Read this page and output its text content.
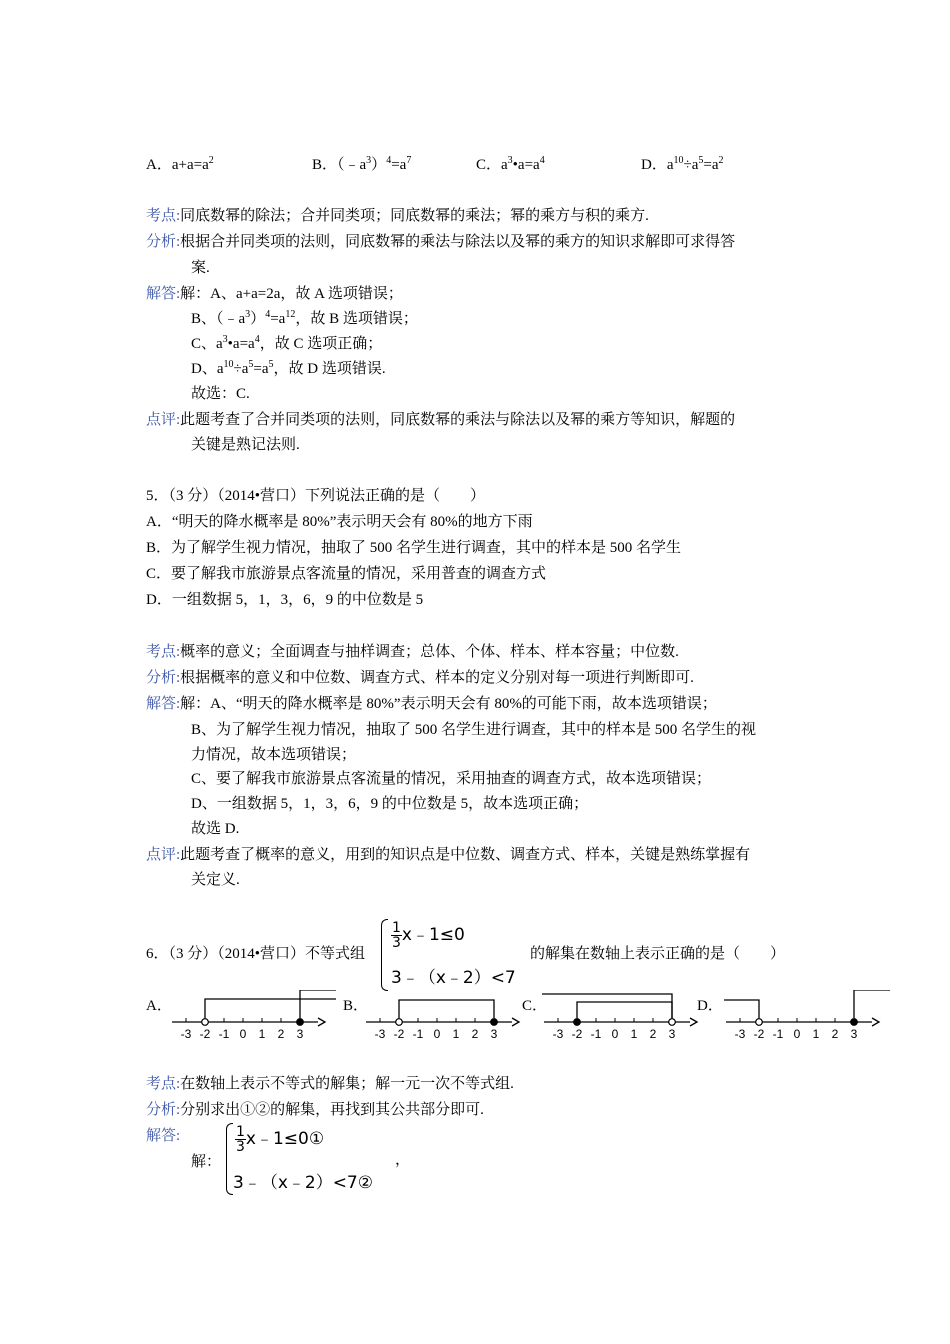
A．$a+a=a^2$	B．$(﹣a^3)^4=a^7$	C．$a^3•a=a^4$	D．$a^{10}\div a^5=a^2$
考点:同底数幂的除法；合并同类项；同底数幂的乘法；幂的乘方与积的乘方.
分析:根据合并同类项的法则，同底数幂的乘法与除法以及幂的乘方的知识求解即可求得答
案.
解答:解：A、a+a=2a，故 A 选项错误；
B、$(﹣a^3)^4=a^{12}$，故 B 选项错误；
C、$a^3•a=a^4$，故 C 选项正确；
D、$a^{10}\div a^5=a^5$，故 D 选项错误.
故选：C.
点评:此题考查了合并同类项的法则，同底数幂的乘法与除法以及幂的乘方等知识，解题的
关键是熟记法则.
5．（3 分）（2014•营口）下列说法正确的是（　　）
A．“明天的降水概率是 80%”表示明天会有 80%的地方下雨
B．为了解学生视力情况，抽取了 500 名学生进行调查，其中的样本是 500 名学生
C．要了解我市旅游景点客流量的情况，采用普查的调查方式
D．一组数据 5，1，3，6，9 的中位数是 5
考点:概率的意义；全面调查与抽样调查；总体、个体、样本、样本容量；中位数.
分析:根据概率的意义和中位数、调查方式、样本的定义分别对每一项进行判断即可.
解答:解：A、“明天的降水概率是 80%”表示明天会有 80%的可能下雨，故本选项错误；
B、为了解学生视力情况，抽取了 500 名学生进行调查，其中的样本是 500 名学生的视
力情况，故本选项错误；
C、要了解我市旅游景点客流量的情况，采用抽查的调查方式，故本选项错误；
D、一组数据 5，1，3，6，9 的中位数是 5，故本选项正确；
故选 D.
点评:此题考查了概率的意义，用到的知识点是中位数、调查方式、样本，关键是熟练掌握有
关定义.
6．（3 分）（2014•营口）不等式组
$\frac{1}{3}$ x﹣1≤0
3﹣（x﹣2）<7
的解集在数轴上表示正确的是（　　）
A．	B．	C．	D．
-3 -2 -1 0 1 2 3	-3 -2 -1 0 1 2 3	-3 -2 -1 0 1 2 3	-3 -2 -1 0 1 2 3
考点:在数轴上表示不等式的解集；解一元一次不等式组.
分析:分别求出①②的解集，再找到其公共部分即可.
解答:
解：
$\frac{1}{3}$ x﹣1≤0①
3﹣（x﹣2）<7②
，
